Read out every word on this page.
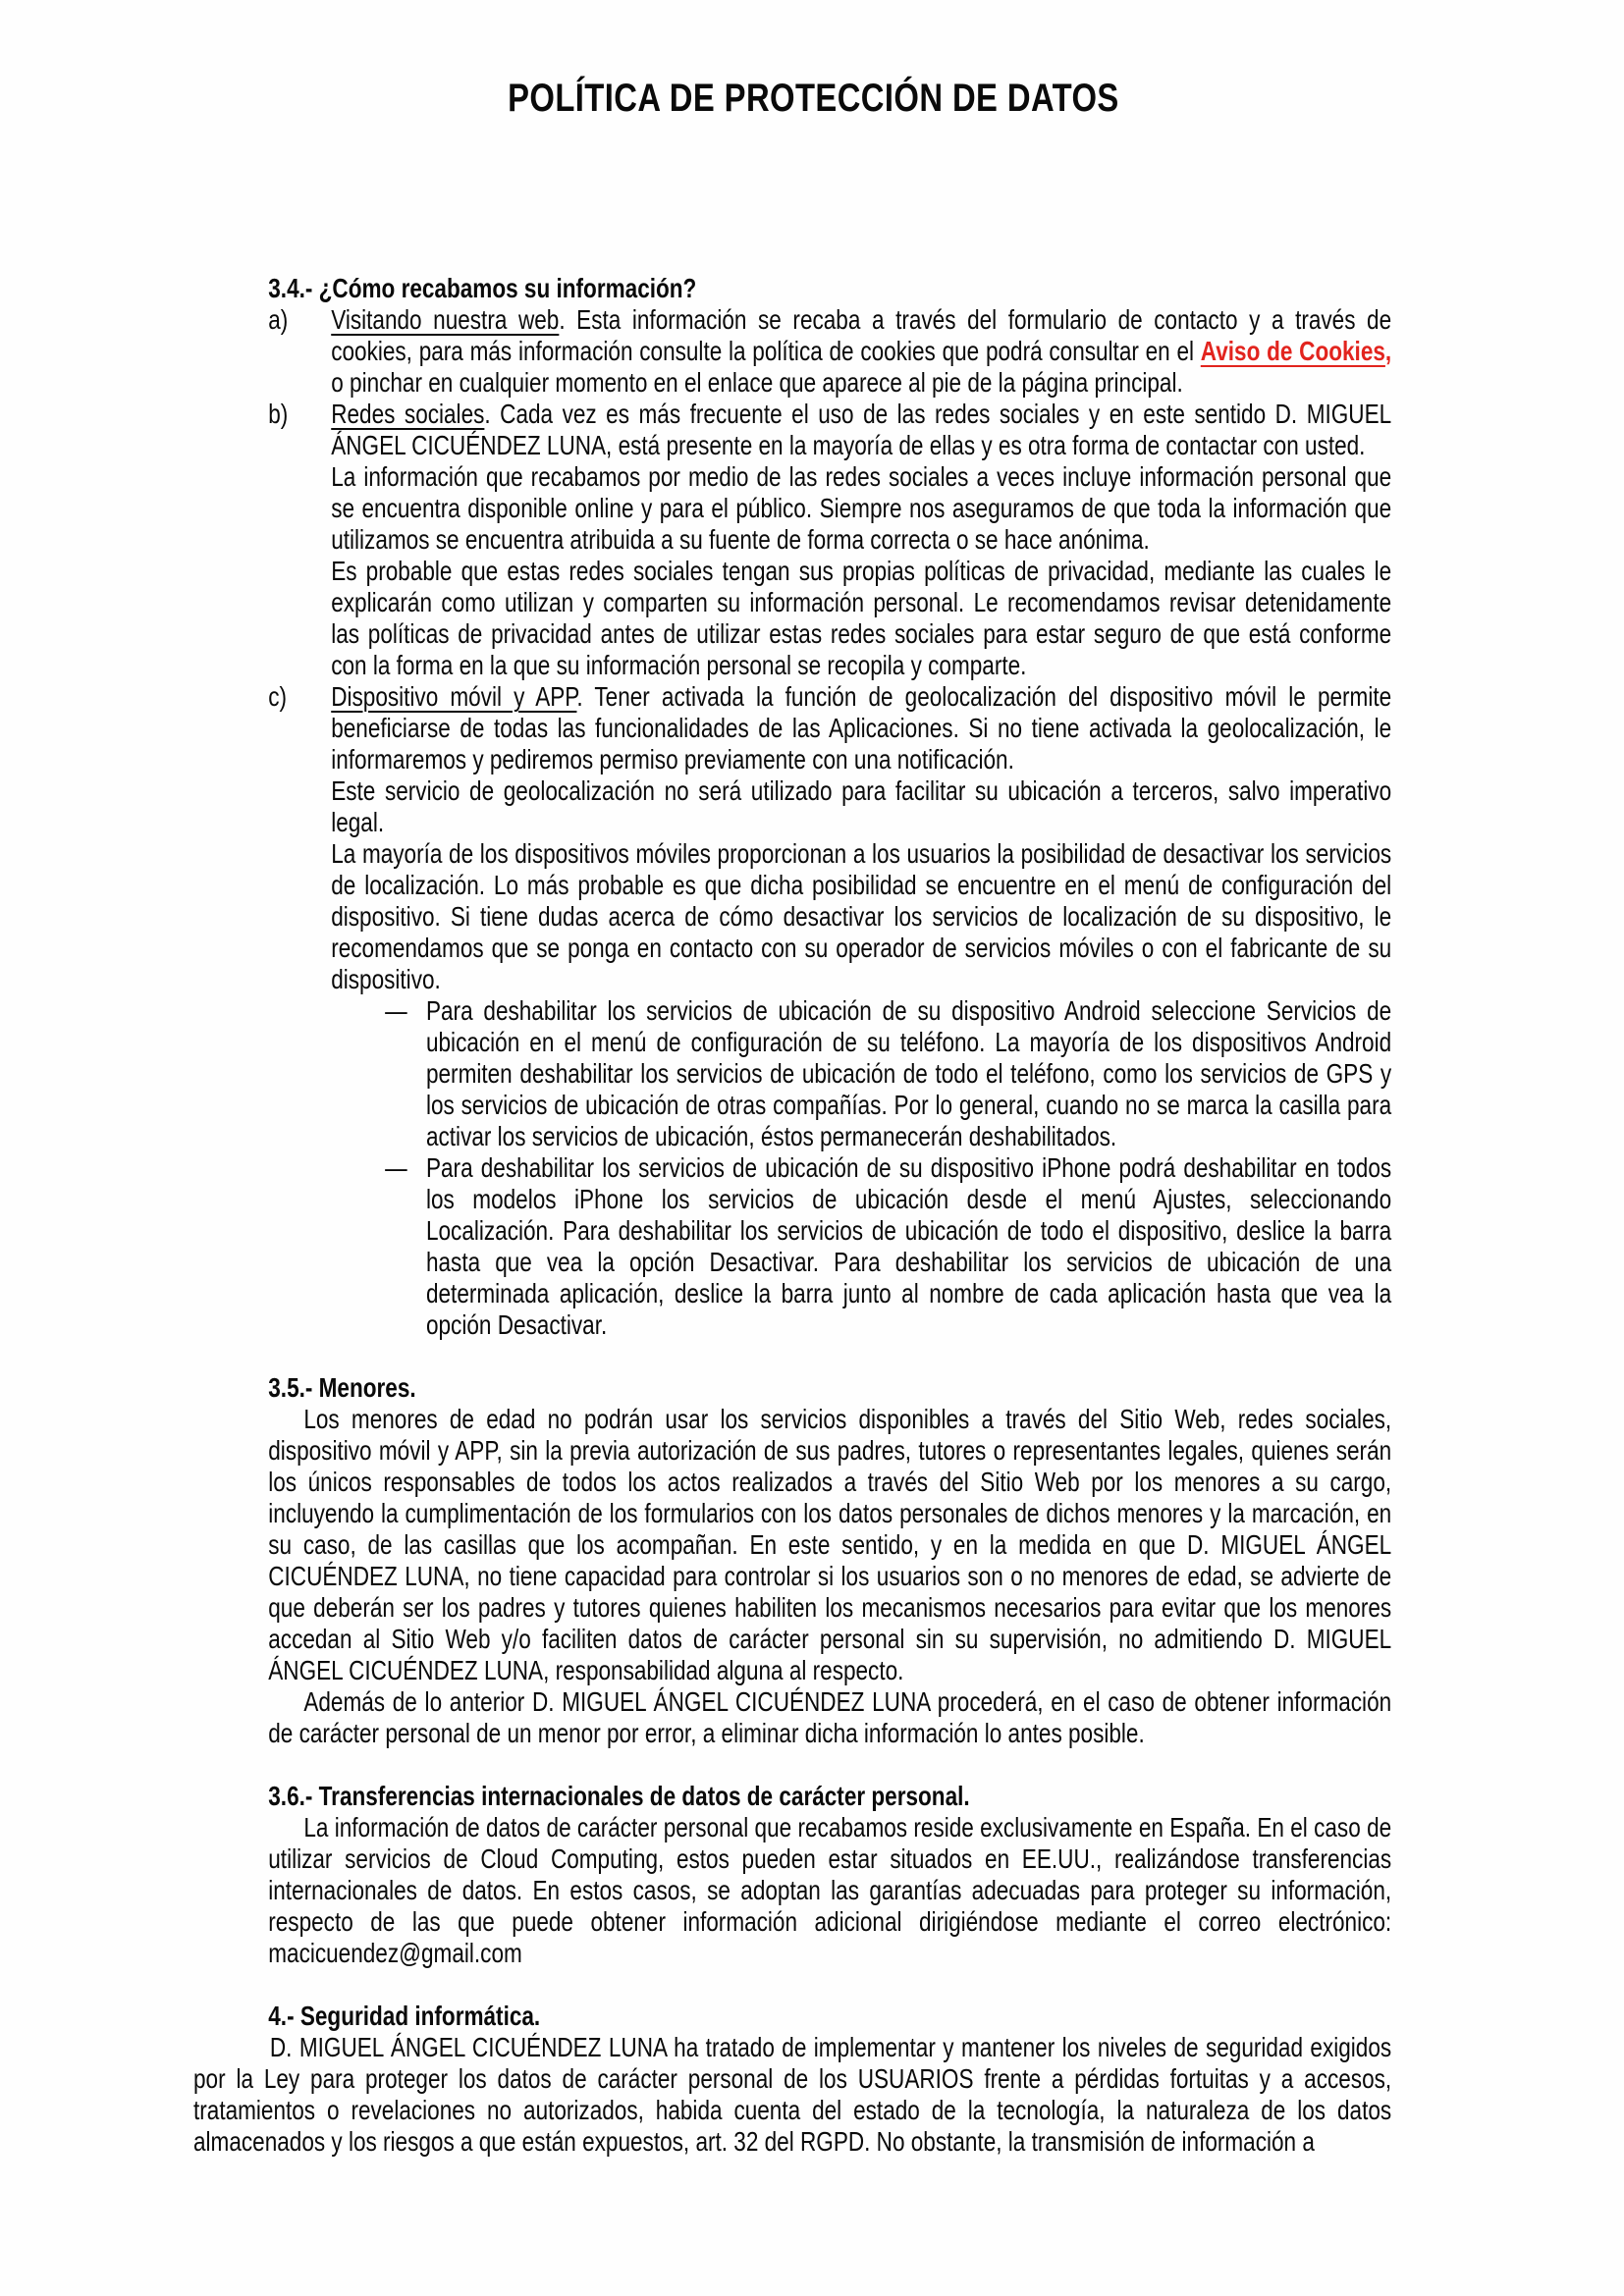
POLÍTICA DE PROTECCIÓN DE DATOS
3.4.- ¿Cómo recabamos su información?
a) Visitando nuestra web. Esta información se recaba a través del formulario de contacto y a través de cookies, para más información consulte la política de cookies que podrá consultar en el Aviso de Cookies, o pinchar en cualquier momento en el enlace que aparece al pie de la página principal.
b) Redes sociales. Cada vez es más frecuente el uso de las redes sociales y en este sentido D. MIGUEL ÁNGEL CICUÉNDEZ LUNA, está presente en la mayoría de ellas y es otra forma de contactar con usted.
La información que recabamos por medio de las redes sociales a veces incluye información personal que se encuentra disponible online y para el público. Siempre nos aseguramos de que toda la información que utilizamos se encuentra atribuida a su fuente de forma correcta o se hace anónima.
Es probable que estas redes sociales tengan sus propias políticas de privacidad, mediante las cuales le explicarán como utilizan y comparten su información personal. Le recomendamos revisar detenidamente las políticas de privacidad antes de utilizar estas redes sociales para estar seguro de que está conforme con la forma en la que su información personal se recopila y comparte.
c) Dispositivo móvil y APP. Tener activada la función de geolocalización del dispositivo móvil le permite beneficiarse de todas las funcionalidades de las Aplicaciones. Si no tiene activada la geolocalización, le informaremos y pediremos permiso previamente con una notificación.
Este servicio de geolocalización no será utilizado para facilitar su ubicación a terceros, salvo imperativo legal.
La mayoría de los dispositivos móviles proporcionan a los usuarios la posibilidad de desactivar los servicios de localización. Lo más probable es que dicha posibilidad se encuentre en el menú de configuración del dispositivo. Si tiene dudas acerca de cómo desactivar los servicios de localización de su dispositivo, le recomendamos que se ponga en contacto con su operador de servicios móviles o con el fabricante de su dispositivo.
— Para deshabilitar los servicios de ubicación de su dispositivo Android seleccione Servicios de ubicación en el menú de configuración de su teléfono. La mayoría de los dispositivos Android permiten deshabilitar los servicios de ubicación de todo el teléfono, como los servicios de GPS y los servicios de ubicación de otras compañías. Por lo general, cuando no se marca la casilla para activar los servicios de ubicación, éstos permanecerán deshabilitados.
— Para deshabilitar los servicios de ubicación de su dispositivo iPhone podrá deshabilitar en todos los modelos iPhone los servicios de ubicación desde el menú Ajustes, seleccionando Localización. Para deshabilitar los servicios de ubicación de todo el dispositivo, deslice la barra hasta que vea la opción Desactivar. Para deshabilitar los servicios de ubicación de una determinada aplicación, deslice la barra junto al nombre de cada aplicación hasta que vea la opción Desactivar.
3.5.- Menores.
Los menores de edad no podrán usar los servicios disponibles a través del Sitio Web, redes sociales, dispositivo móvil y APP, sin la previa autorización de sus padres, tutores o representantes legales, quienes serán los únicos responsables de todos los actos realizados a través del Sitio Web por los menores a su cargo, incluyendo la cumplimentación de los formularios con los datos personales de dichos menores y la marcación, en su caso, de las casillas que los acompañan. En este sentido, y en la medida en que D. MIGUEL ÁNGEL CICUÉNDEZ LUNA, no tiene capacidad para controlar si los usuarios son o no menores de edad, se advierte de que deberán ser los padres y tutores quienes habiliten los mecanismos necesarios para evitar que los menores accedan al Sitio Web y/o faciliten datos de carácter personal sin su supervisión, no admitiendo D. MIGUEL ÁNGEL CICUÉNDEZ LUNA, responsabilidad alguna al respecto.
Además de lo anterior D. MIGUEL ÁNGEL CICUÉNDEZ LUNA procederá, en el caso de obtener información de carácter personal de un menor por error, a eliminar dicha información lo antes posible.
3.6.- Transferencias internacionales de datos de carácter personal.
La información de datos de carácter personal que recabamos reside exclusivamente en España. En el caso de utilizar servicios de Cloud Computing, estos pueden estar situados en EE.UU., realizándose transferencias internacionales de datos. En estos casos, se adoptan las garantías adecuadas para proteger su información, respecto de las que puede obtener información adicional dirigiéndose mediante el correo electrónico:
macicuendez@gmail.com
4.- Seguridad informática.
D. MIGUEL ÁNGEL CICUÉNDEZ LUNA ha tratado de implementar y mantener los niveles de seguridad exigidos por la Ley para proteger los datos de carácter personal de los USUARIOS frente a pérdidas fortuitas y a accesos, tratamientos o revelaciones no autorizados, habida cuenta del estado de la tecnología, la naturaleza de los datos almacenados y los riesgos a que están expuestos, art. 32 del RGPD. No obstante, la transmisión de información a
